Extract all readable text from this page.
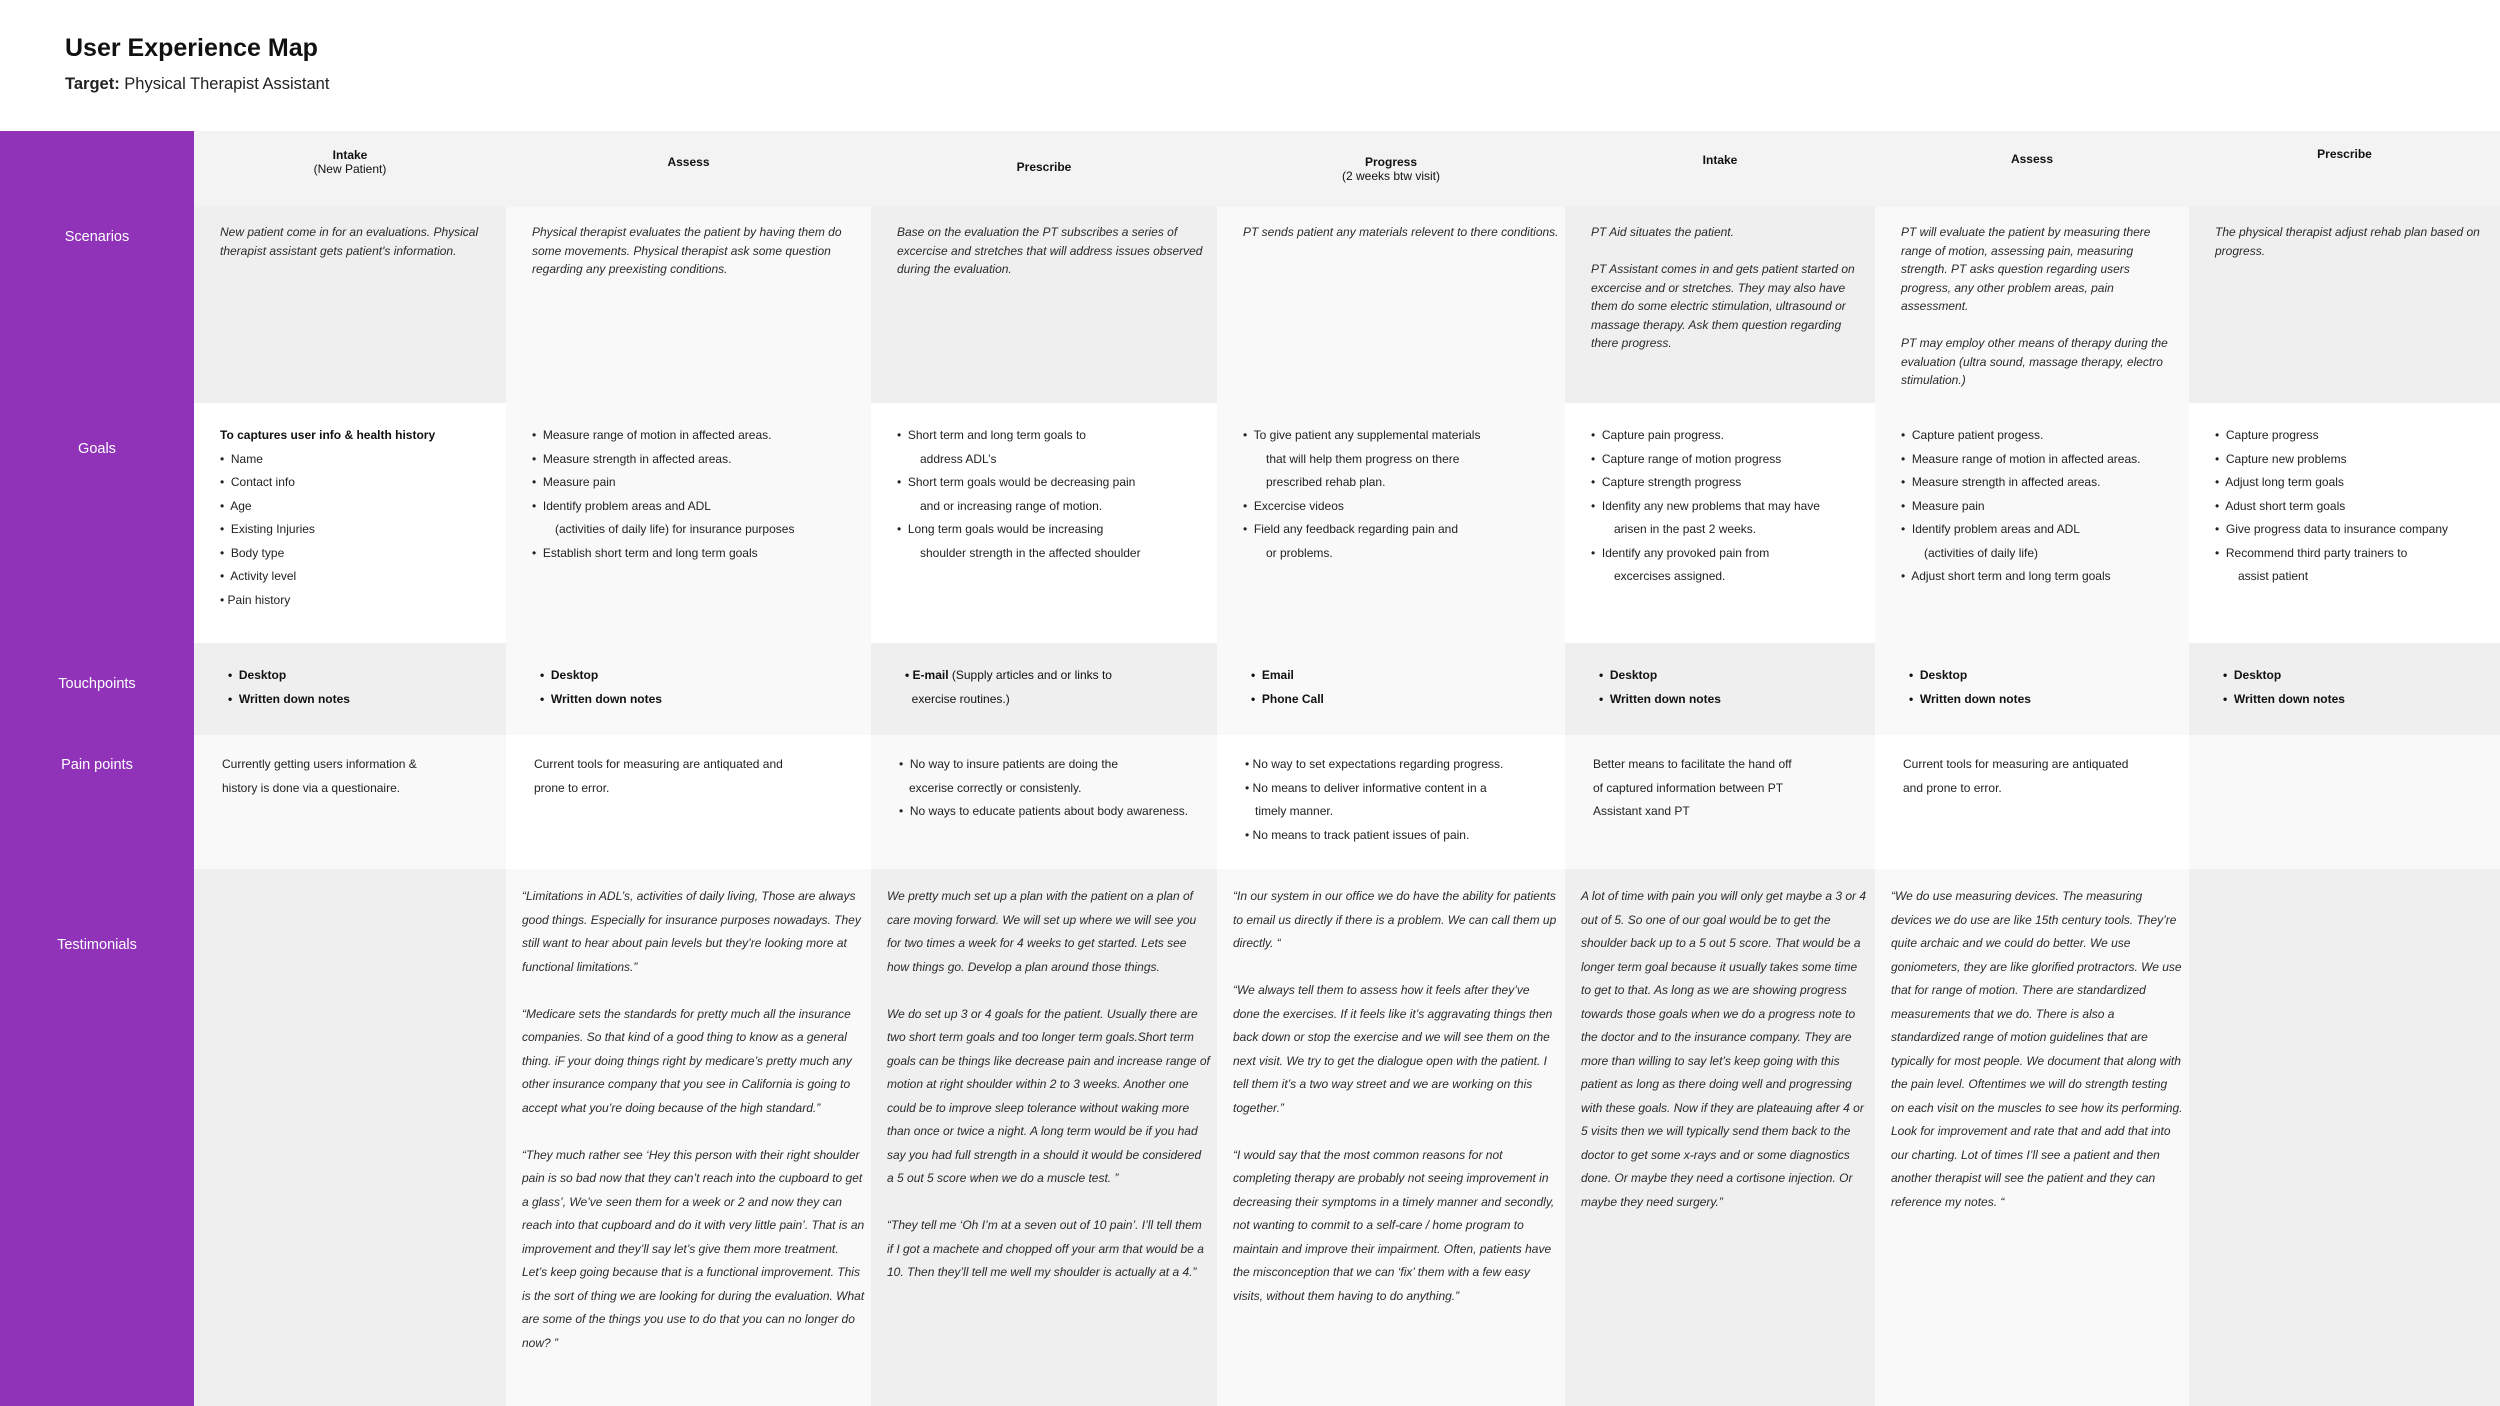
User Experience Map
Target: Physical Therapist Assistant
Scenarios
Goals
Touchpoints
Pain points
Testimonials
Intake
(New Patient)

New patient come in for an evaluations. Physical therapist assistant gets patient's information.

To captures user info & health history
•  Name
•  Contact info
•  Age
•  Existing Injuries
•  Body type
•  Activity level
• Pain history
•  Desktop
•  Written down notes
Currently getting users information &
history is done via a questionaire.
Assess

Physical therapist evaluates the patient by having them do some movements. Physical therapist ask some question regarding any preexisting conditions.

•  Measure range of motion in affected areas.
•  Measure strength in affected areas.
•  Measure pain
•  Identify problem areas and ADL
(activities of daily life) for insurance purposes
•  Establish short term and long term goals
•  Desktop
•  Written down notes
Current tools for measuring are antiquated and
prone to error.

“Limitations in ADL’s, activities of daily living, Those are always good things. Especially for insurance purposes nowadays. They still want to hear about pain levels but they’re looking more at functional limitations.”

“Medicare sets the standards for pretty much all the insurance companies. So that kind of a good thing to know as a general thing. iF your doing things right by medicare’s pretty much any other insurance company that you see in California is going to accept what you’re doing because of the high standard.”

“They much rather see ‘Hey this person with their right shoulder pain is so bad now that they can’t reach into the cupboard to get a glass’, We’ve seen them for a week or 2 and now they can reach into that cupboard and do it with very little pain’. That is an improvement and they’ll say let’s give them more treatment. Let’s keep going because that is a functional improvement. This is the sort of thing we are looking for during the evaluation. What are some of the things you use to do that you can no longer do now? ”

Prescribe

Base on the evaluation the PT subscribes a series of excercise and stretches that will address issues observed during the evaluation.

•  Short term and long term goals to
address ADL’s
•  Short term goals would be decreasing pain
and or increasing range of motion.
•  Long term goals would be increasing
shoulder strength in the affected shoulder
• E-mail (Supply articles and or links to
exercise routines.)
•  No way to insure patients are doing the
excerise correctly or consistenly.
•  No ways to educate patients about body awareness.

We pretty much set up a plan with the patient on a plan of care moving forward. We will set up where we will see you for two times a week for 4 weeks to get started. Lets see how things go. Develop a plan around those things.

We do set up 3 or 4 goals for the patient. Usually there are two short term goals and too longer term goals.Short term goals can be things like decrease pain and increase range of motion at right shoulder within 2 to 3 weeks. Another one could be to improve sleep tolerance without waking more than once or twice a night. A long term would be if you had say you had full strength in a should it would be considered a 5 out 5 score when we do a muscle test. ”

“They tell me ‘Oh I’m at a seven out of 10 pain’. I’ll tell them if I got a machete and chopped off your arm that would be a 10. Then they’ll tell me well my shoulder is actually at a 4.”

Progress
(2 weeks btw visit)

PT sends patient any materials relevent to there conditions.

•  To give patient any supplemental materials
that will help them progress on there
prescribed rehab plan.
•  Excercise videos
•  Field any feedback regarding pain and
or problems.
•  Email
•  Phone Call
• No way to set expectations regarding progress.
• No means to deliver informative content in a
timely manner.
• No means to track patient issues of pain.

“In our system in our office we do have the ability for patients to email us directly if there is a problem. We can call them up directly. “

“We always tell them to assess how it feels after they’ve done the exercises. If it feels like it’s aggravating things then back down or stop the exercise and we will see them on the next visit. We try to get the dialogue open with the patient. I tell them it’s a two way street and we are working on this together.”

“I would say that the most common reasons for not completing therapy are probably not seeing improvement in decreasing their symptoms in a timely manner and secondly, not wanting to commit to a self-care / home program to maintain and improve their impairment. Often, patients have the misconception that we can ‘fix’ them with a few easy visits, without them having to do anything.”

Intake

PT Aid situates the patient.

PT Assistant comes in and gets patient started on excercise and or stretches. They may also have them do some electric stimulation, ultrasound or massage therapy. Ask them question regarding there progress.

•  Capture pain progress.
•  Capture range of motion progress
•  Capture strength progress
•  Idenfity any new problems that may have
arisen in the past 2 weeks.
•  Identify any provoked pain from
excercises assigned.
•  Desktop
•  Written down notes
Better means to facilitate the hand off
of captured information between PT
Assistant xand PT

A lot of time with pain you will only get maybe a 3 or 4 out of 5. So one of our goal would be to get the shoulder back up to a 5 out 5 score. That would be a longer term goal because it usually takes some time to get to that. As long as we are showing progress towards those goals when we do a progress note to the doctor and to the insurance company. They are more than willing to say let’s keep going with this patient as long as there doing well and progressing with these goals. Now if they are plateauing after 4 or 5 visits then we will typically send them back to the doctor to get some x-rays and or some diagnostics done. Or maybe they need a cortisone injection. Or maybe they need surgery.”

Assess

PT will evaluate the patient by measuring there range of motion, assessing pain, measuring strength. PT asks question regarding users progress, any other problem areas, pain assessment.

PT may employ other means of therapy during the evaluation (ultra sound, massage therapy, electro stimulation.)

•  Capture patient progess.
•  Measure range of motion in affected areas.
•  Measure strength in affected areas.
•  Measure pain
•  Identify problem areas and ADL
(activities of daily life)
•  Adjust short term and long term goals
•  Desktop
•  Written down notes
Current tools for measuring are antiquated
and prone to error.

“We do use measuring devices. The measuring devices we do use are like 15th century tools. They’re quite archaic and we could do better. We use goniometers, they are like glorified protractors. We use that for range of motion. There are standardized measurements that we do. There is also a standardized range of motion guidelines that are typically for most people. We document that along with the pain level. Oftentimes we will do strength testing on each visit on the muscles to see how its performing. Look for improvement and rate that and add that into our charting. Lot of times I’ll see a patient and then another therapist will see the patient and they can reference my notes. “

Prescribe

The physical therapist adjust rehab plan based on progress.

•  Capture progress
•  Capture new problems
•  Adjust long term goals
•  Adust short term goals
•  Give progress data to insurance company
•  Recommend third party trainers to
assist patient
•  Desktop
•  Written down notes
